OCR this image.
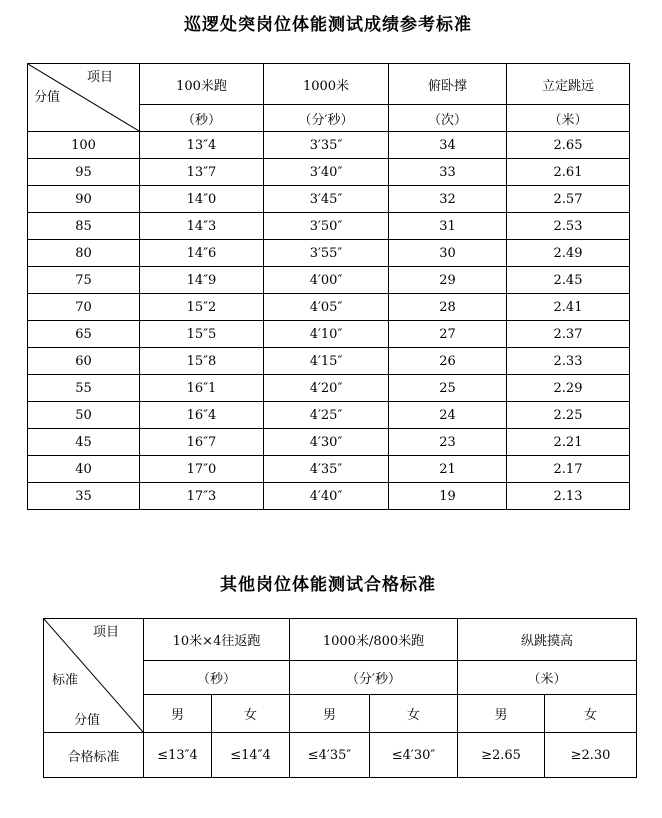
巡逻处突岗位体能测试成绩参考标准
项目
分值	100米跑	1000米	俯卧撑	立定跳远
	（秒）	（分′秒）	（次）	（米）
100	13″4	3′35″	34	2.65
95	13″7	3′40″	33	2.61
90	14″0	3′45″	32	2.57
85	14″3	3′50″	31	2.53
80	14″6	3′55″	30	2.49
75	14″9	4′00″	29	2.45
70	15″2	4′05″	28	2.41
65	15″5	4′10″	27	2.37
60	15″8	4′15″	26	2.33
55	16″1	4′20″	25	2.29
50	16″4	4′25″	24	2.25
45	16″7	4′30″	23	2.21
40	17″0	4′35″	21	2.17
35	17″3	4′40″	19	2.13
其他岗位体能测试合格标准
项目
标准
分值	10米×4往返跑		1000米/800米跑		纵跳摸高	
	（秒）		（分′秒）		（米）	
	男	女	男	女	男	女
合格标准	≤13″4	≤14″4	≤4′35″	≤4′30″	≥2.65	≥2.30
